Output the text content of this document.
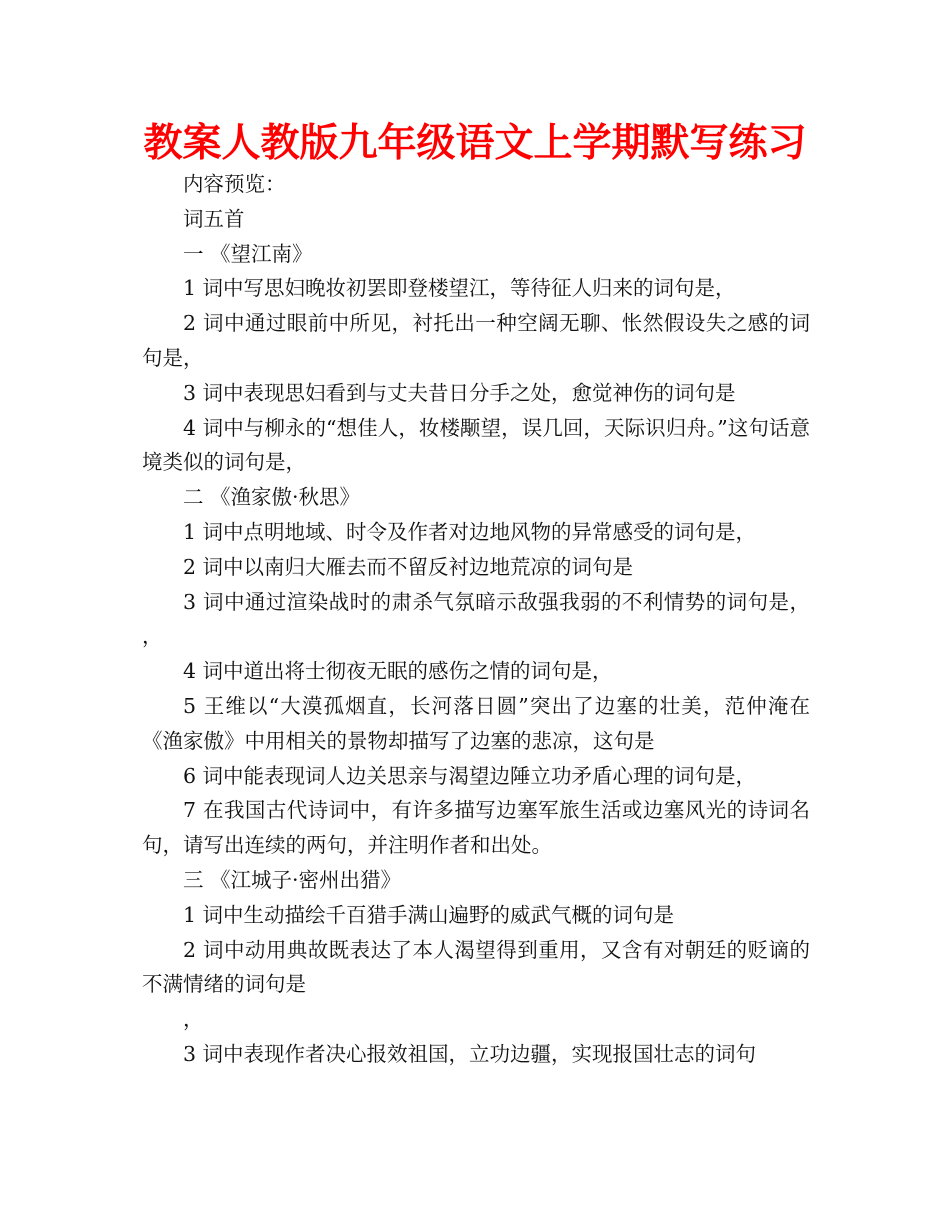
教案人教版九年级语文上学期默写练习

内容预览：

词五首

一 《望江南》

1 词中写思妇晚妆初罢即登楼望江，等待征人归来的词句是，

2 词中通过眼前中所见，衬托出一种空阔无聊、怅然假设失之感的词句是，

3 词中表现思妇看到与丈夫昔日分手之处，愈觉神伤的词句是

4 词中与柳永的“想佳人，妆楼颙望，误几回，天际识归舟。”这句话意境类似的词句是，

二 《渔家傲·秋思》

1 词中点明地域、时令及作者对边地风物的异常感受的词句是，

2 词中以南归大雁去而不留反衬边地荒凉的词句是

3 词中通过渲染战时的肃杀气氛暗示敌强我弱的不利情势的词句是， ，

4 词中道出将士彻夜无眠的感伤之情的词句是，

5 王维以“大漠孤烟直，长河落日圆”突出了边塞的壮美，范仲淹在《渔家傲》中用相关的景物却描写了边塞的悲凉，这句是

6 词中能表现词人边关思亲与渴望边陲立功矛盾心理的词句是，

7 在我国古代诗词中，有许多描写边塞军旅生活或边塞风光的诗词名句，请写出连续的两句，并注明作者和出处。

三 《江城子·密州出猎》

1 词中生动描绘千百猎手满山遍野的威武气概的词句是

2 词中动用典故既表达了本人渴望得到重用，又含有对朝廷的贬谪的不满情绪的词句是

，

3 词中表现作者决心报效祖国，立功边疆，实现报国壮志的词句
